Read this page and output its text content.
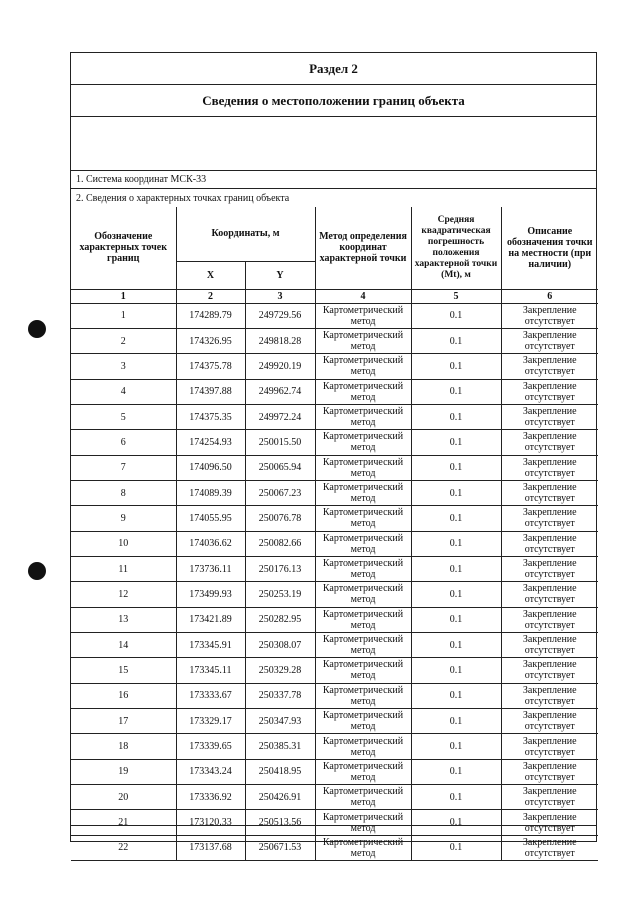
Раздел 2
Сведения о местоположении границ объекта
1. Система координат МСК-33
2. Сведения о характерных точках границ объекта
Обозначение характерных точек границ	Координаты, м		Метод определения координат характерной точки	Средняя квадратическая погрешность положения характерной точки (Mt), м	Описание обозначения точки на местности (при наличии)
	X	Y			
1	2	3	4	5	6
1	174289.79	249729.56	Картометрический метод	0.1	Закрепление отсутствует
2	174326.95	249818.28	Картометрический метод	0.1	Закрепление отсутствует
3	174375.78	249920.19	Картометрический метод	0.1	Закрепление отсутствует
4	174397.88	249962.74	Картометрический метод	0.1	Закрепление отсутствует
5	174375.35	249972.24	Картометрический метод	0.1	Закрепление отсутствует
6	174254.93	250015.50	Картометрический метод	0.1	Закрепление отсутствует
7	174096.50	250065.94	Картометрический метод	0.1	Закрепление отсутствует
8	174089.39	250067.23	Картометрический метод	0.1	Закрепление отсутствует
9	174055.95	250076.78	Картометрический метод	0.1	Закрепление отсутствует
10	174036.62	250082.66	Картометрический метод	0.1	Закрепление отсутствует
11	173736.11	250176.13	Картометрический метод	0.1	Закрепление отсутствует
12	173499.93	250253.19	Картометрический метод	0.1	Закрепление отсутствует
13	173421.89	250282.95	Картометрический метод	0.1	Закрепление отсутствует
14	173345.91	250308.07	Картометрический метод	0.1	Закрепление отсутствует
15	173345.11	250329.28	Картометрический метод	0.1	Закрепление отсутствует
16	173333.67	250337.78	Картометрический метод	0.1	Закрепление отсутствует
17	173329.17	250347.93	Картометрический метод	0.1	Закрепление отсутствует
18	173339.65	250385.31	Картометрический метод	0.1	Закрепление отсутствует
19	173343.24	250418.95	Картометрический метод	0.1	Закрепление отсутствует
20	173336.92	250426.91	Картометрический метод	0.1	Закрепление отсутствует
21	173120.33	250513.56	Картометрический метод	0.1	Закрепление отсутствует
22	173137.68	250671.53	Картометрический метод	0.1	Закрепление отсутствует
